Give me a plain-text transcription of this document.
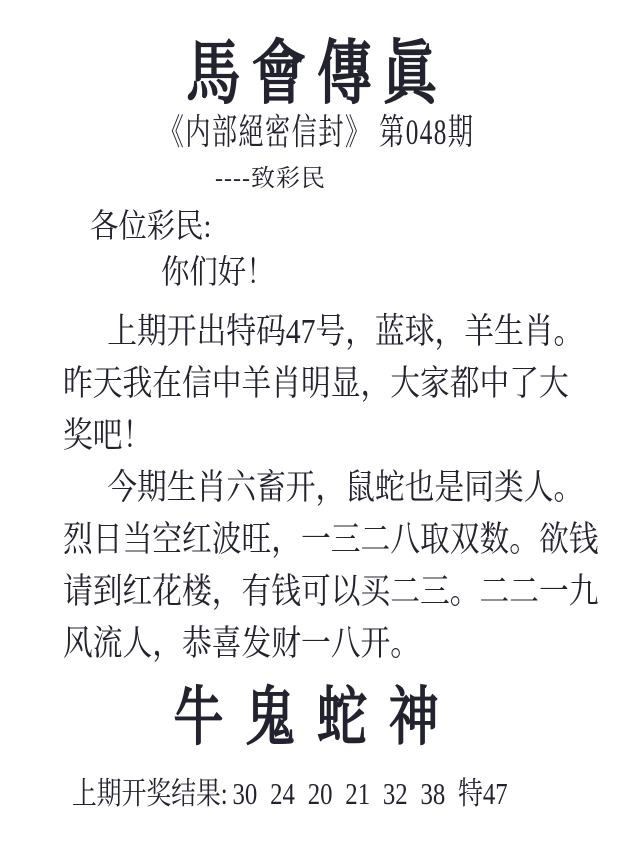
馬會傳眞
《内部絕密信封》 第048期
----致彩民
各位彩民:
你们好！
上期开出特码47号，蓝球，羊生肖。
昨天我在信中羊肖明显，大家都中了大
奖吧！
今期生肖六畜开，鼠蛇也是同类人。
烈日当空红波旺，一三二八取双数。欲钱
请到红花楼，有钱可以买二三。二二一九
风流人，恭喜发财一八开。
牛鬼蛇神
上期开奖结果: 30 24 20 21 32 38 特47
